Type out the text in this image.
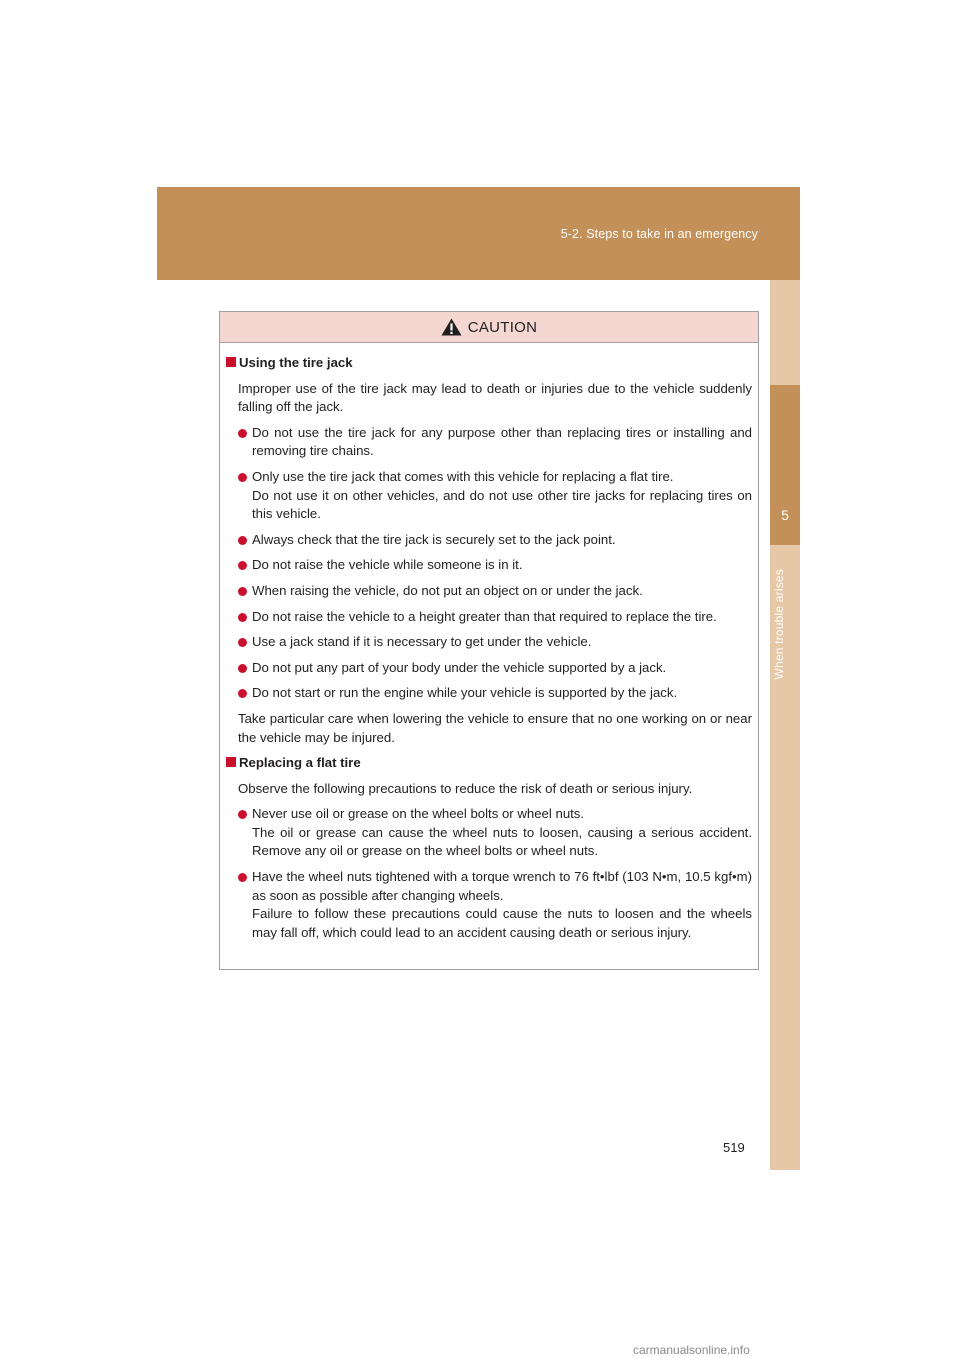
5-2. Steps to take in an emergency
5
When trouble arises
CAUTION
Using the tire jack
Improper use of the tire jack may lead to death or injuries due to the vehicle suddenly falling off the jack.
Do not use the tire jack for any purpose other than replacing tires or installing and removing tire chains.
Only use the tire jack that comes with this vehicle for replacing a flat tire.
Do not use it on other vehicles, and do not use other tire jacks for replacing tires on this vehicle.
Always check that the tire jack is securely set to the jack point.
Do not raise the vehicle while someone is in it.
When raising the vehicle, do not put an object on or under the jack.
Do not raise the vehicle to a height greater than that required to replace the tire.
Use a jack stand if it is necessary to get under the vehicle.
Do not put any part of your body under the vehicle supported by a jack.
Do not start or run the engine while your vehicle is supported by the jack.
Take particular care when lowering the vehicle to ensure that no one working on or near the vehicle may be injured.
Replacing a flat tire
Observe the following precautions to reduce the risk of death or serious injury.
Never use oil or grease on the wheel bolts or wheel nuts.
The oil or grease can cause the wheel nuts to loosen, causing a serious accident. Remove any oil or grease on the wheel bolts or wheel nuts.
Have the wheel nuts tightened with a torque wrench to 76 ft•lbf (103 N•m, 10.5 kgf•m) as soon as possible after changing wheels.
Failure to follow these precautions could cause the nuts to loosen and the wheels may fall off, which could lead to an accident causing death or serious injury.
519
carmanualsonline.info
